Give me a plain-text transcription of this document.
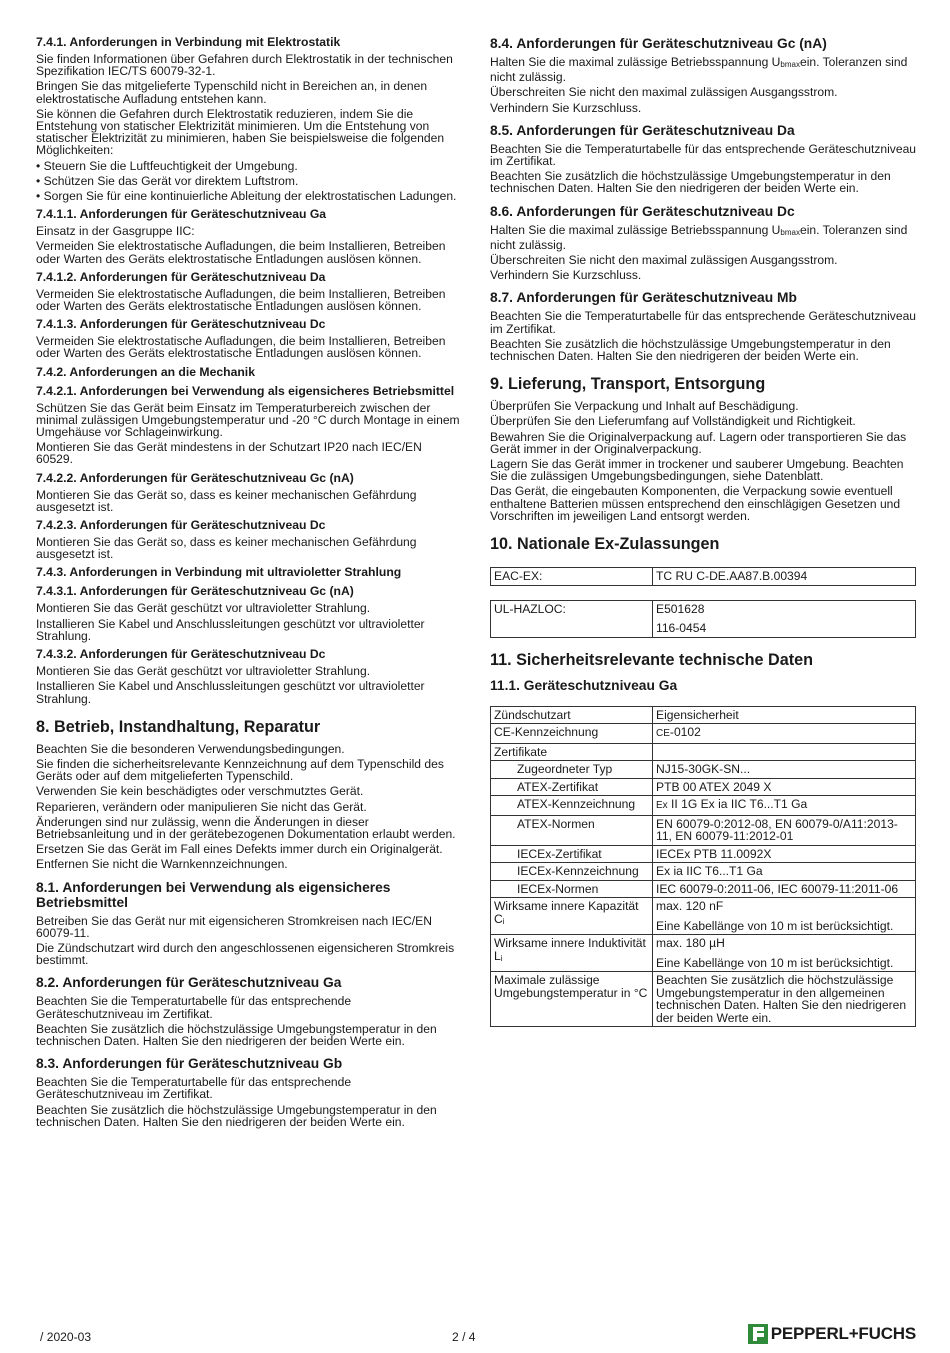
7.4.1. Anforderungen in Verbindung mit Elektrostatik
Sie finden Informationen über Gefahren durch Elektrostatik in der technischen Spezifikation IEC/TS 60079-32-1.
Bringen Sie das mitgelieferte Typenschild nicht in Bereichen an, in denen elektrostatische Aufladung entstehen kann.
Sie können die Gefahren durch Elektrostatik reduzieren, indem Sie die Entstehung von statischer Elektrizität minimieren. Um die Entstehung von statischer Elektrizität zu minimieren, haben Sie beispielsweise die folgenden Möglichkeiten:
• Steuern Sie die Luftfeuchtigkeit der Umgebung.
• Schützen Sie das Gerät vor direktem Luftstrom.
• Sorgen Sie für eine kontinuierliche Ableitung der elektrostatischen Ladungen.
7.4.1.1. Anforderungen für Geräteschutzniveau Ga
Einsatz in der Gasgruppe IIC:
Vermeiden Sie elektrostatische Aufladungen, die beim Installieren, Betreiben oder Warten des Geräts elektrostatische Entladungen auslösen können.
7.4.1.2. Anforderungen für Geräteschutzniveau Da
Vermeiden Sie elektrostatische Aufladungen, die beim Installieren, Betreiben oder Warten des Geräts elektrostatische Entladungen auslösen können.
7.4.1.3. Anforderungen für Geräteschutzniveau Dc
Vermeiden Sie elektrostatische Aufladungen, die beim Installieren, Betreiben oder Warten des Geräts elektrostatische Entladungen auslösen können.
7.4.2. Anforderungen an die Mechanik
7.4.2.1. Anforderungen bei Verwendung als eigensicheres Betriebsmittel
Schützen Sie das Gerät beim Einsatz im Temperaturbereich zwischen der minimal zulässigen Umgebungstemperatur und -20 °C durch Montage in einem Umgehäuse vor Schlageinwirkung.
Montieren Sie das Gerät mindestens in der Schutzart IP20 nach IEC/EN 60529.
7.4.2.2. Anforderungen für Geräteschutzniveau Gc (nA)
Montieren Sie das Gerät so, dass es keiner mechanischen Gefährdung ausgesetzt ist.
7.4.2.3. Anforderungen für Geräteschutzniveau Dc
Montieren Sie das Gerät so, dass es keiner mechanischen Gefährdung ausgesetzt ist.
7.4.3. Anforderungen in Verbindung mit ultravioletter Strahlung
7.4.3.1. Anforderungen für Geräteschutzniveau Gc (nA)
Montieren Sie das Gerät geschützt vor ultravioletter Strahlung.
Installieren Sie Kabel und Anschlussleitungen geschützt vor ultravioletter Strahlung.
7.4.3.2. Anforderungen für Geräteschutzniveau Dc
Montieren Sie das Gerät geschützt vor ultravioletter Strahlung.
Installieren Sie Kabel und Anschlussleitungen geschützt vor ultravioletter Strahlung.
8. Betrieb, Instandhaltung, Reparatur
Beachten Sie die besonderen Verwendungsbedingungen.
Sie finden die sicherheitsrelevante Kennzeichnung auf dem Typenschild des Geräts oder auf dem mitgelieferten Typenschild.
Verwenden Sie kein beschädigtes oder verschmutztes Gerät.
Reparieren, verändern oder manipulieren Sie nicht das Gerät.
Änderungen sind nur zulässig, wenn die Änderungen in dieser Betriebsanleitung und in der gerätebezogenen Dokumentation erlaubt werden.
Ersetzen Sie das Gerät im Fall eines Defekts immer durch ein Originalgerät.
Entfernen Sie nicht die Warnkennzeichnungen.
8.1. Anforderungen bei Verwendung als eigensicheres Betriebsmittel
Betreiben Sie das Gerät nur mit eigensicheren Stromkreisen nach IEC/EN 60079-11.
Die Zündschutzart wird durch den angeschlossenen eigensicheren Stromkreis bestimmt.
8.2. Anforderungen für Geräteschutzniveau Ga
Beachten Sie die Temperaturtabelle für das entsprechende Geräteschutzniveau im Zertifikat.
Beachten Sie zusätzlich die höchstzulässige Umgebungstemperatur in den technischen Daten. Halten Sie den niedrigeren der beiden Werte ein.
8.3. Anforderungen für Geräteschutzniveau Gb
Beachten Sie die Temperaturtabelle für das entsprechende Geräteschutzniveau im Zertifikat.
Beachten Sie zusätzlich die höchstzulässige Umgebungstemperatur in den technischen Daten. Halten Sie den niedrigeren der beiden Werte ein.
8.4. Anforderungen für Geräteschutzniveau Gc (nA)
Halten Sie die maximal zulässige Betriebsspannung Ubmaxein. Toleranzen sind nicht zulässig.
Überschreiten Sie nicht den maximal zulässigen Ausgangsstrom.
Verhindern Sie Kurzschluss.
8.5. Anforderungen für Geräteschutzniveau Da
Beachten Sie die Temperaturtabelle für das entsprechende Geräteschutzniveau im Zertifikat.
Beachten Sie zusätzlich die höchstzulässige Umgebungstemperatur in den technischen Daten. Halten Sie den niedrigeren der beiden Werte ein.
8.6. Anforderungen für Geräteschutzniveau Dc
Halten Sie die maximal zulässige Betriebsspannung Ubmaxein. Toleranzen sind nicht zulässig.
Überschreiten Sie nicht den maximal zulässigen Ausgangsstrom.
Verhindern Sie Kurzschluss.
8.7. Anforderungen für Geräteschutzniveau Mb
Beachten Sie die Temperaturtabelle für das entsprechende Geräteschutzniveau im Zertifikat.
Beachten Sie zusätzlich die höchstzulässige Umgebungstemperatur in den technischen Daten. Halten Sie den niedrigeren der beiden Werte ein.
9. Lieferung, Transport, Entsorgung
Überprüfen Sie Verpackung und Inhalt auf Beschädigung.
Überprüfen Sie den Lieferumfang auf Vollständigkeit und Richtigkeit.
Bewahren Sie die Originalverpackung auf. Lagern oder transportieren Sie das Gerät immer in der Originalverpackung.
Lagern Sie das Gerät immer in trockener und sauberer Umgebung. Beachten Sie die zulässigen Umgebungsbedingungen, siehe Datenblatt.
Das Gerät, die eingebauten Komponenten, die Verpackung sowie eventuell enthaltene Batterien müssen entsprechend den einschlägigen Gesetzen und Vorschriften im jeweiligen Land entsorgt werden.
10. Nationale Ex-Zulassungen
EAC-EX:	TC RU C-DE.AA87.B.00394
UL-HAZLOC:	E501628
116-0454
11. Sicherheitsrelevante technische Daten
11.1. Geräteschutzniveau Ga
Zündschutzart	Eigensicherheit
CE-Kennzeichnung	CE-0102
Zertifikate	
Zugeordneter Typ	NJ15-30GK-SN...
ATEX-Zertifikat	PTB 00 ATEX 2049 X
ATEX-Kennzeichnung	Ex II 1G Ex ia IIC T6...T1 Ga
ATEX-Normen	EN 60079-0:2012-08, EN 60079-0/A11:2013-11, EN 60079-11:2012-01
IECEx-Zertifikat	IECEx PTB 11.0092X
IECEx-Kennzeichnung	Ex ia IIC T6...T1 Ga
IECEx-Normen	IEC 60079-0:2011-06, IEC 60079-11:2011-06
Wirksame innere Kapazität Ci	max. 120 nF
Eine Kabellänge von 10 m ist berücksichtigt.

Wirksame innere Induktivität Li	max. 180 µH
Eine Kabellänge von 10 m ist berücksichtigt.

Maximale zulässige Umgebungstemperatur in °C	Beachten Sie zusätzlich die höchstzulässige Umgebungstemperatur in den allgemeinen technischen Daten. Halten Sie den niedrigeren der beiden Werte ein.
/ 2020-03	2 / 4	PEPPERL+FUCHS
